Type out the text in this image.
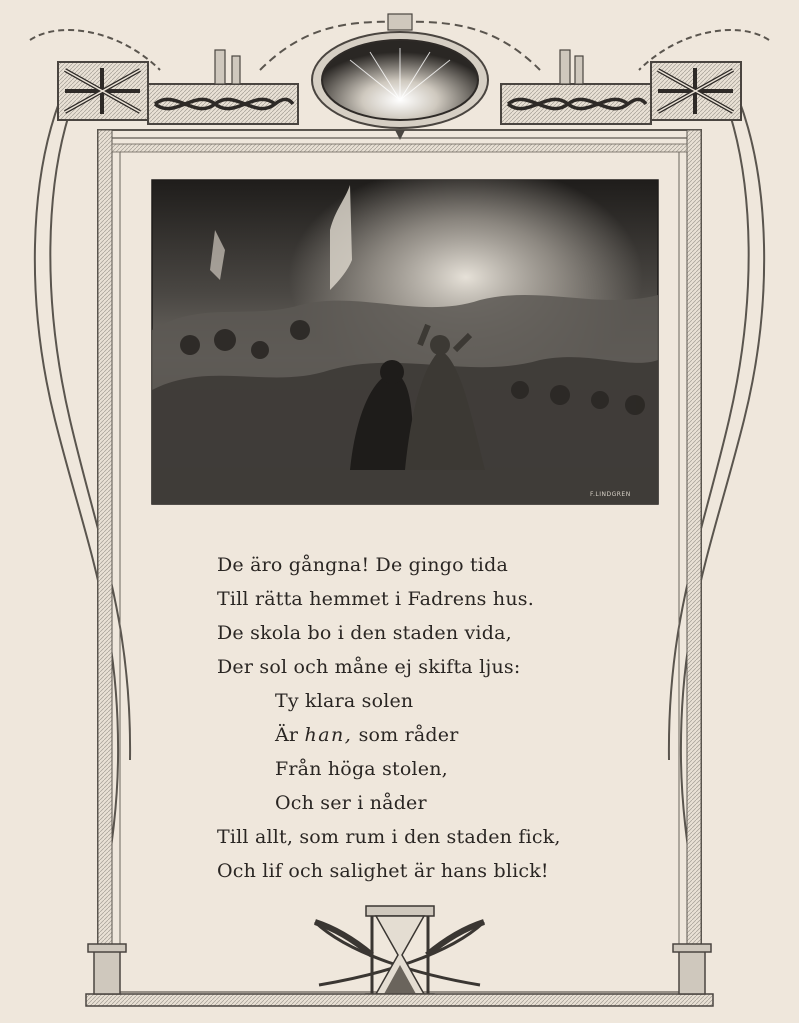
F.LINDGREN
De äro gångna! De gingo tida
Till rätta hemmet i Fadrens hus.
De skola bo i den staden vida,
Der sol och måne ej skifta ljus:
Ty klara solen
Är han, som råder
Från höga stolen,
Och ser i nåder
Till allt, som rum i den staden fick,
Och lif och salighet är hans blick!
